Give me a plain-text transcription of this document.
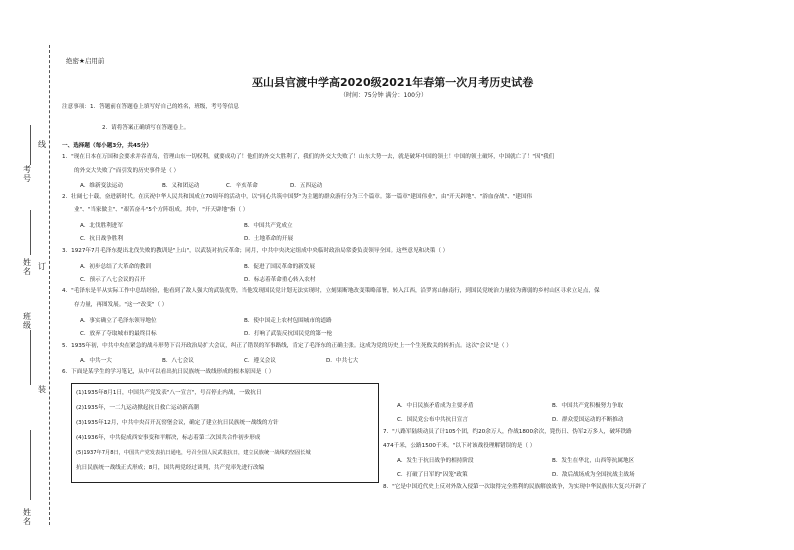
考号
姓名
班级
姓名
线
订
装
绝密★启用前
巫山县官渡中学高2020级2021年春第一次月考历史试卷
（时间：75分钟 满分：100分）
注意事项：1．答题前在答题卷上填写好自己的姓名，班级，考号等信息
2．请将答案正确填写在答题卷上。
一、选择题（每小题3分，共45分）
1．"现在日本在万国和会要求并吞青岛，管理山东一切权利，就要成功了！他们的外交大胜利了，我们的外交大失败了！山东大势一去，就是破坏中国的领土！中国的领土破坏，中国就亡了！"因"我们
的外交大失败了"而引发的历史事件是（ ）
A．维新变法运动	B．义和团运动	C．辛亥革命	D．五四运动
2．壮阔七十载，奋进新时代。在庆祝中华人民共和国成立70周年的活动中，以"同心共筑中国梦"为主题的群众游行分为三个篇章。第一篇章"建国伟业"，由"开天辟地"、"浴血奋战"、"建国伟
业"、"当家做主"、"艰苦奋斗"5个方阵组成。其中，"开天辟地"指（ ）
A．北伐胜利进军	B．中国共产党成立
C．抗日战争胜利	D．土地革命的开展
3．1927年7月毛泽东提出北伐失败的教训是"上山"，以武装对抗反革命；同月，中共中央决定组成中央临时政治局常委负责领导全国。这些意见和决策（ ）
A．初步总结了大革命的教训	B．促进了国民革命的新发展
C．预示了八七会议的召开	D．标志着革命重心转入农村
4．"毛泽东是半从实际工作中总结经验，他看到了敌人强大的武装优势，当他发现国民党计划无法实现时，立刻果断地改变策略部署，转入江西，沿罗霄山脉南行，到国民党统治力量较为薄弱的乡村山区寻求立足点，保
存力量，再图发展。"这一"改变"（ ）
A．事实确立了毛泽东领导地位	B．使中国走上农村包围城市的道路
C．放弃了夺取城市的最终目标	D．打响了武装反抗国民党的第一枪
5．1935年初，中共中央在紧急的战斗形势下召开政治局扩大会议，纠正了错误的军事路线，肯定了毛泽东的正确主张。这成为党的历史上一个生死攸关的转折点。这次"会议"是（ ）
A．中共一大	B．八七会议	C．遵义会议	D．中共七大
6．下面是某学生的学习笔记，从中可以看出抗日民族统一战线形成的根本原因是（ ）
(1)1935年8月1日，中国共产党发表"八一宣言"，号召停止内战，一致抗日
(2)1935年，一二九运动掀起抗日救亡运动新高潮
(3)1935年12月，中共中央召开瓦窑堡会议，确定了建立抗日民族统一战线的方针
(4)1936年，中共促成西安事变和平解决，标志着第二次国共合作初步形成
(5)1937年7月8日，中国共产党发表抗日通电，号召全国人民武装抗日，建立民族统一战线的坚固长城
抗日民族统一战线正式形成；8月，国共两党经过谈判，共产党率先进行改编
A．中日民族矛盾成为主要矛盾	B．中国共产党积极努力争取
C．国民党公布中共抗日宣言	D．群众爱国运动的不断推动
7．"八路军陆续动员了计105个团，约20余万人，作战1800余次，毙伤日、伪军2万多人，破坏铁路
474千米，公路1500千米。"以下对该战役理解错误的是（ ）
A．发生于抗日战争的相持阶段	B．发生在华北，山西等抗属地区
C．打破了日军的"囚笼"政策	D．敌后战场成为全国抗战主战场
8．"它是中国近代史上反对外敌入侵第一次取得完全胜利的民族解放战争，为实现中华民族伟大复兴开辟了
